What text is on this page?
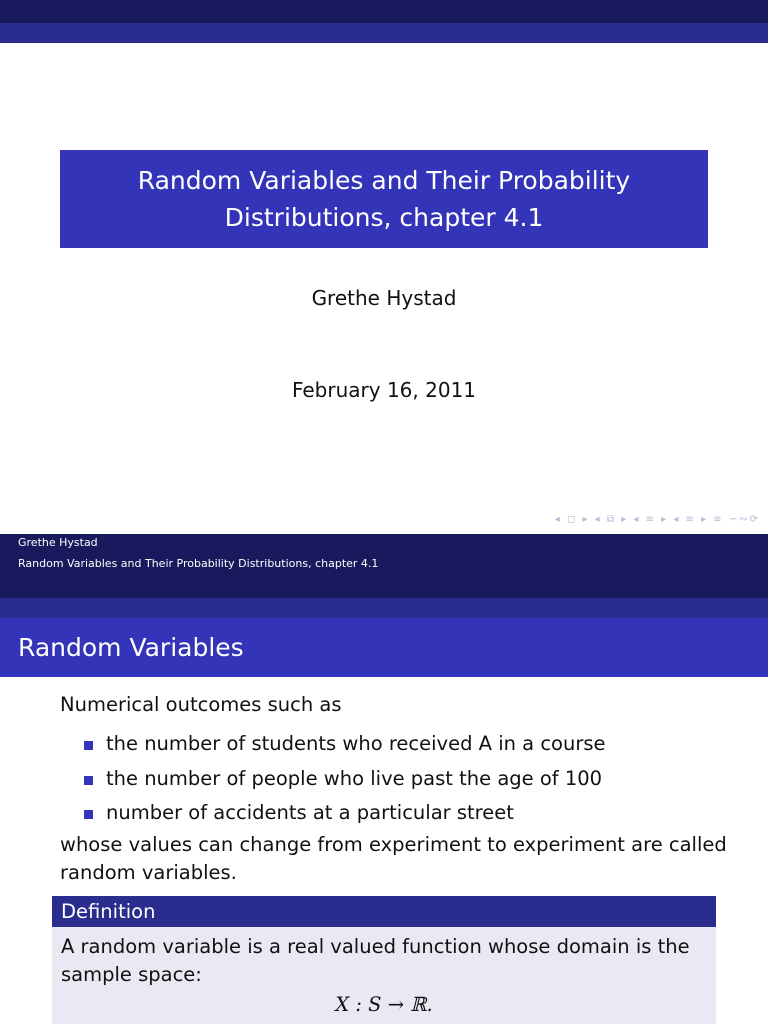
Random Variables and Their Probability
Distributions, chapter 4.1
Grethe Hystad
February 16, 2011
◂ ◻ ▸ ◂ ⧉ ▸ ◂ ≡ ▸ ◂ ≡ ▸ ≡ ∽∾⟳
Grethe Hystad
Random Variables and Their Probability Distributions, chapter 4.1
Random Variables
Numerical outcomes such as
the number of students who received A in a course
the number of people who live past the age of 100
number of accidents at a particular street
whose values can change from experiment to experiment are called
random variables.
Definition
A random variable is a real valued function whose domain is the
sample space:
X : S → ℝ.
